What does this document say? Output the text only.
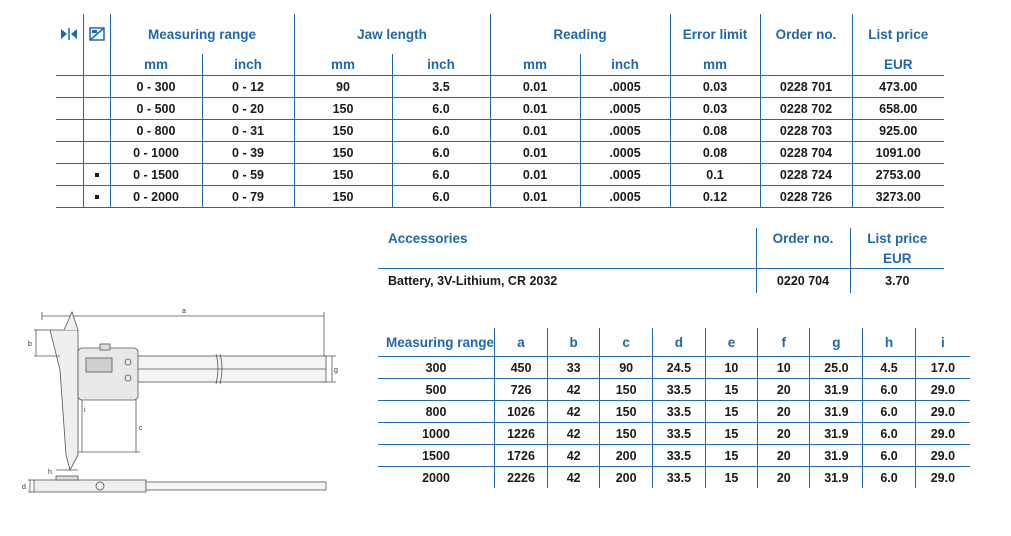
		Measuring range		Jaw length		Reading		Error limit	Order no.	List price
		mm	inch	mm	inch	mm	inch	mm		EUR
		0 - 300	0 - 12	90	3.5	0.01	.0005	0.03	0228 701	473.00
		0 - 500	0 - 20	150	6.0	0.01	.0005	0.03	0228 702	658.00
		0 - 800	0 - 31	150	6.0	0.01	.0005	0.08	0228 703	925.00
		0 - 1000	0 - 39	150	6.0	0.01	.0005	0.08	0228 704	1091.00
		0 - 1500	0 - 59	150	6.0	0.01	.0005	0.1	0228 724	2753.00
		0 - 2000	0 - 79	150	6.0	0.01	.0005	0.12	0228 726	3273.00
Accessories	Order no.	List price
		EUR
Battery, 3V-Lithium, CR 2032	0220 704	3.70
Measuring range	a	b	c	d	e	f	g	h	i
300	450	33	90	24.5	10	10	25.0	4.5	17.0
500	726	42	150	33.5	15	20	31.9	6.0	29.0
800	1026	42	150	33.5	15	20	31.9	6.0	29.0
1000	1226	42	150	33.5	15	20	31.9	6.0	29.0
1500	1726	42	200	33.5	15	20	31.9	6.0	29.0
2000	2226	42	200	33.5	15	20	31.9	6.0	29.0
a
b
c
d
g
h
i
